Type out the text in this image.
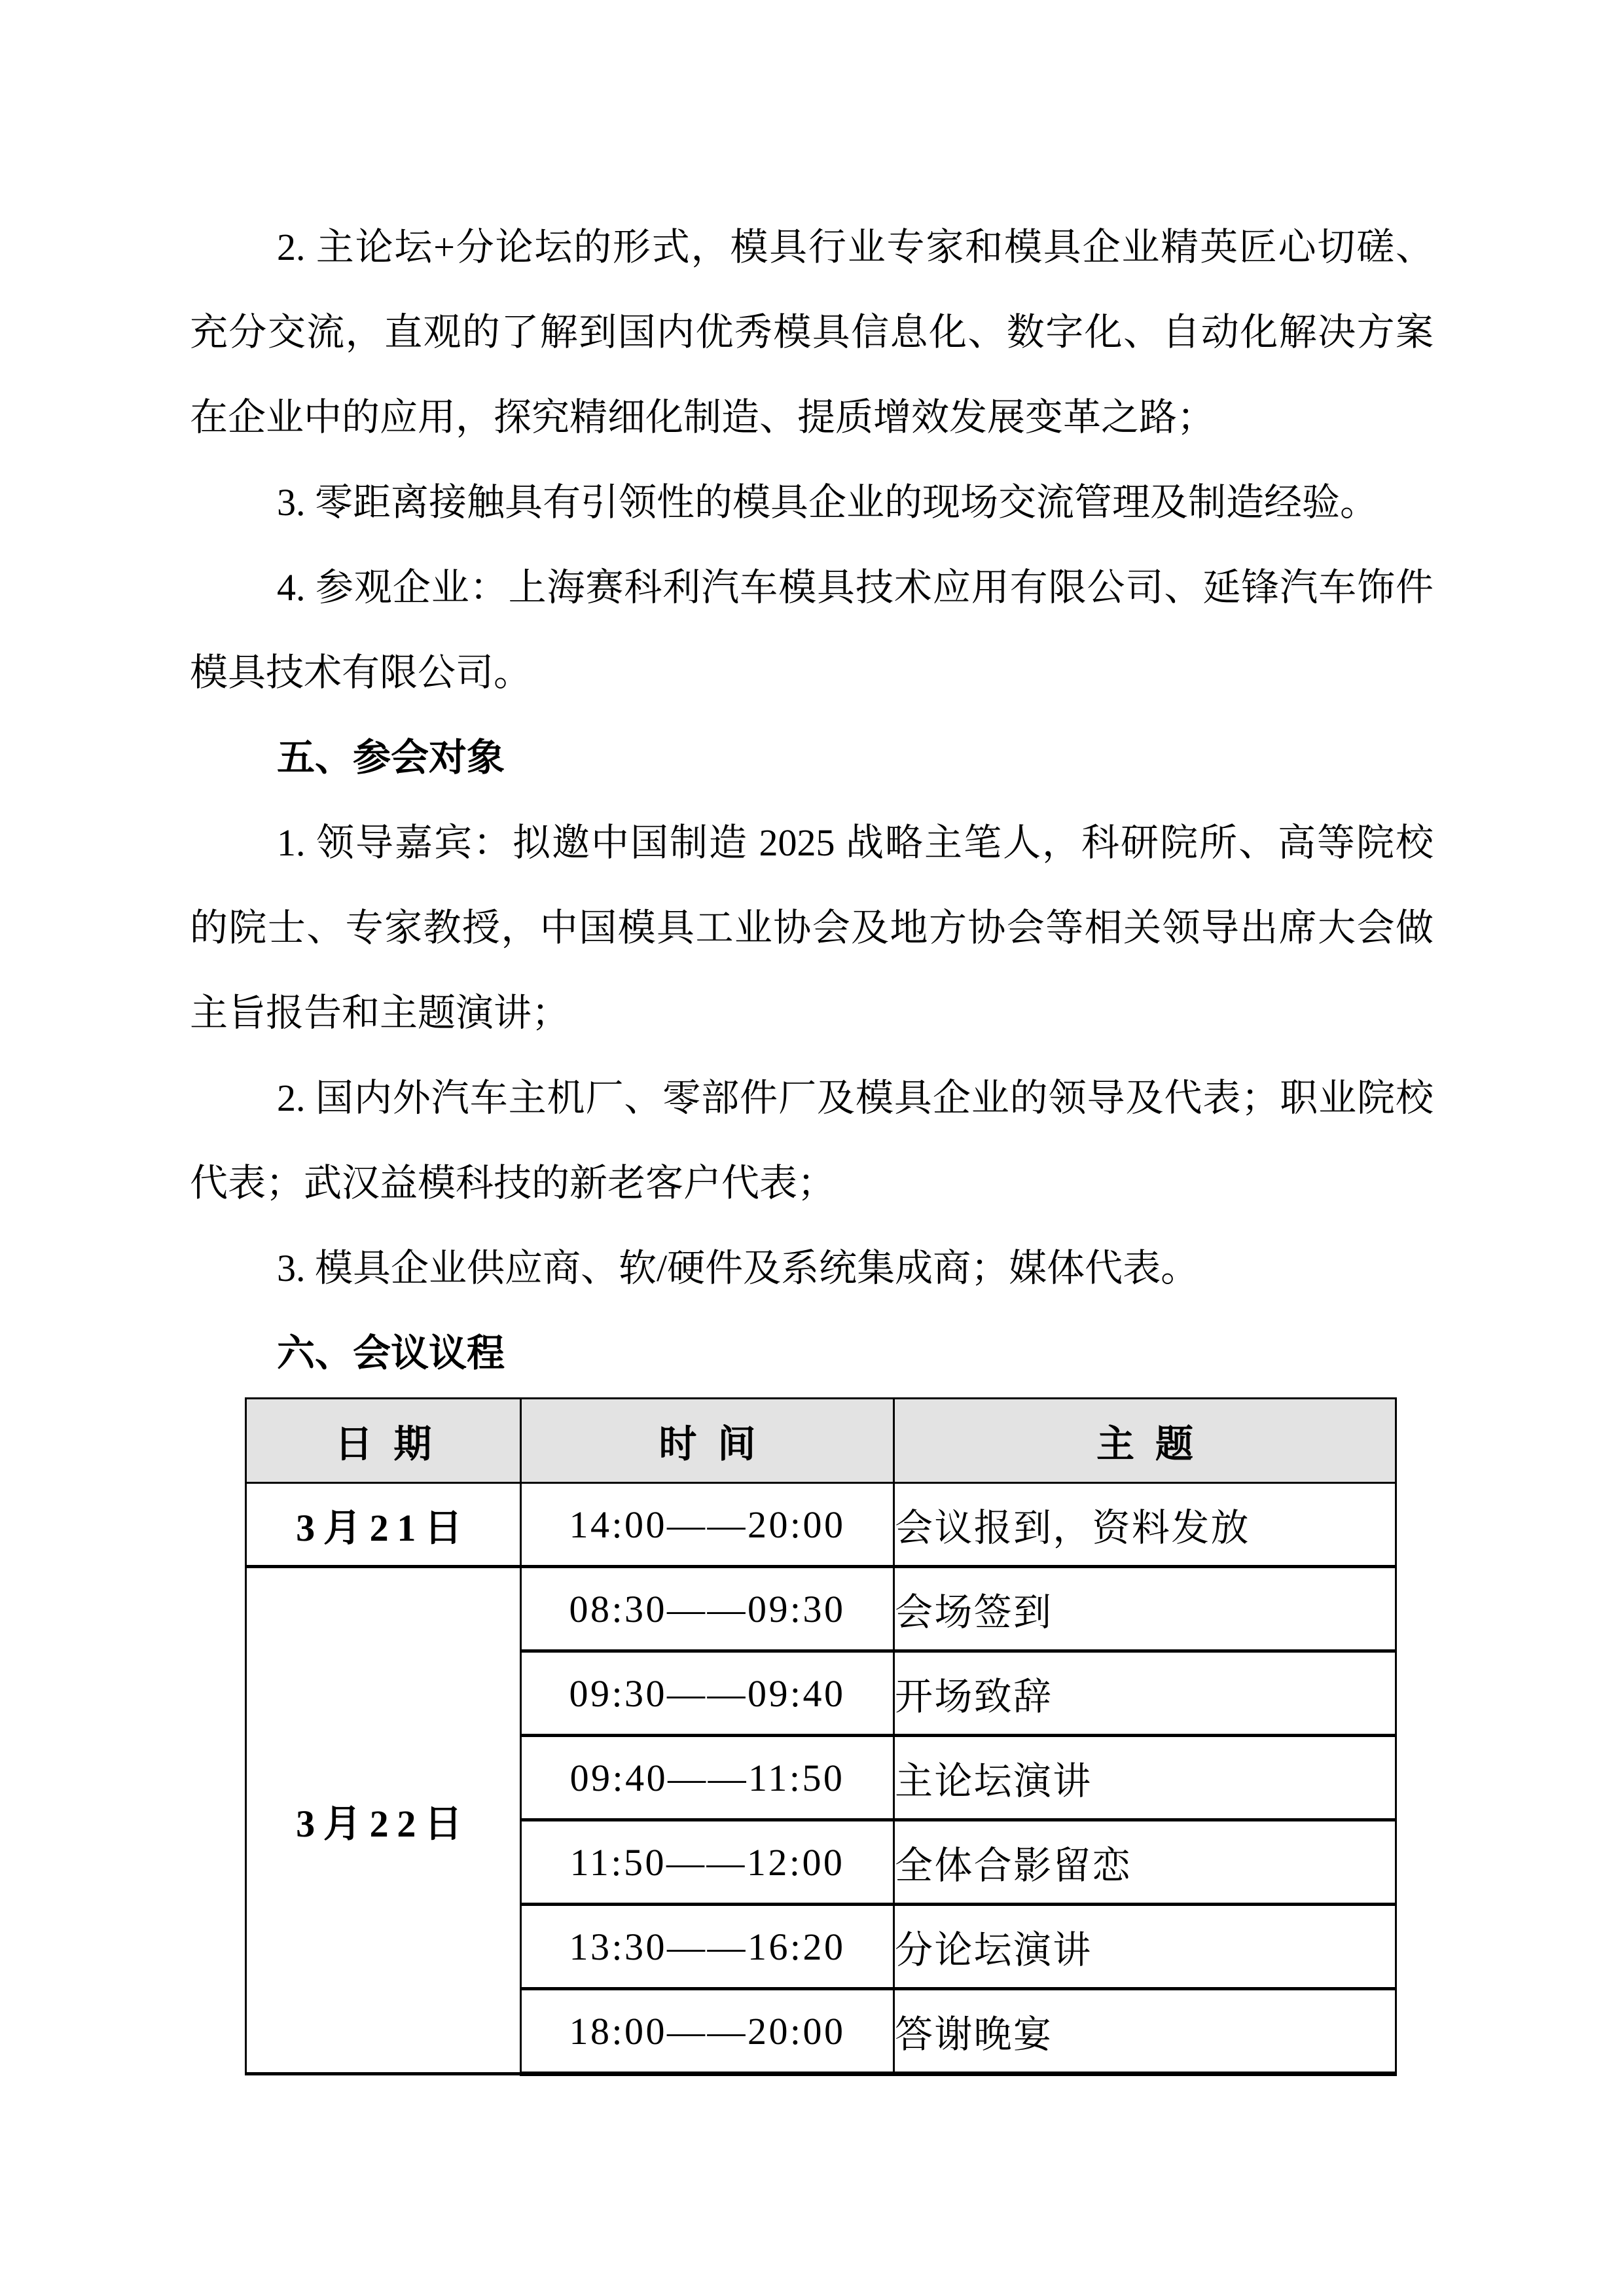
2. 主论坛+分论坛的形式，模具行业专家和模具企业精英匠心切磋、充分交流，直观的了解到国内优秀模具信息化、数字化、自动化解决方案在企业中的应用，探究精细化制造、提质增效发展变革之路；
3. 零距离接触具有引领性的模具企业的现场交流管理及制造经验。
4. 参观企业：上海赛科利汽车模具技术应用有限公司、延锋汽车饰件模具技术有限公司。
五、参会对象
1. 领导嘉宾：拟邀中国制造 2025 战略主笔人，科研院所、高等院校的院士、专家教授，中国模具工业协会及地方协会等相关领导出席大会做主旨报告和主题演讲；
2. 国内外汽车主机厂、零部件厂及模具企业的领导及代表；职业院校代表；武汉益模科技的新老客户代表；
3. 模具企业供应商、软/硬件及系统集成商；媒体代表。
六、会议议程
日期	时间	主题
3月21日	14:00——20:00	会议报到，资料发放
3月22日	08:30——09:30	会场签到
	09:30——09:40	开场致辞
	09:40——11:50	主论坛演讲
	11:50——12:00	全体合影留恋
	13:30——16:20	分论坛演讲
	18:00——20:00	答谢晚宴
